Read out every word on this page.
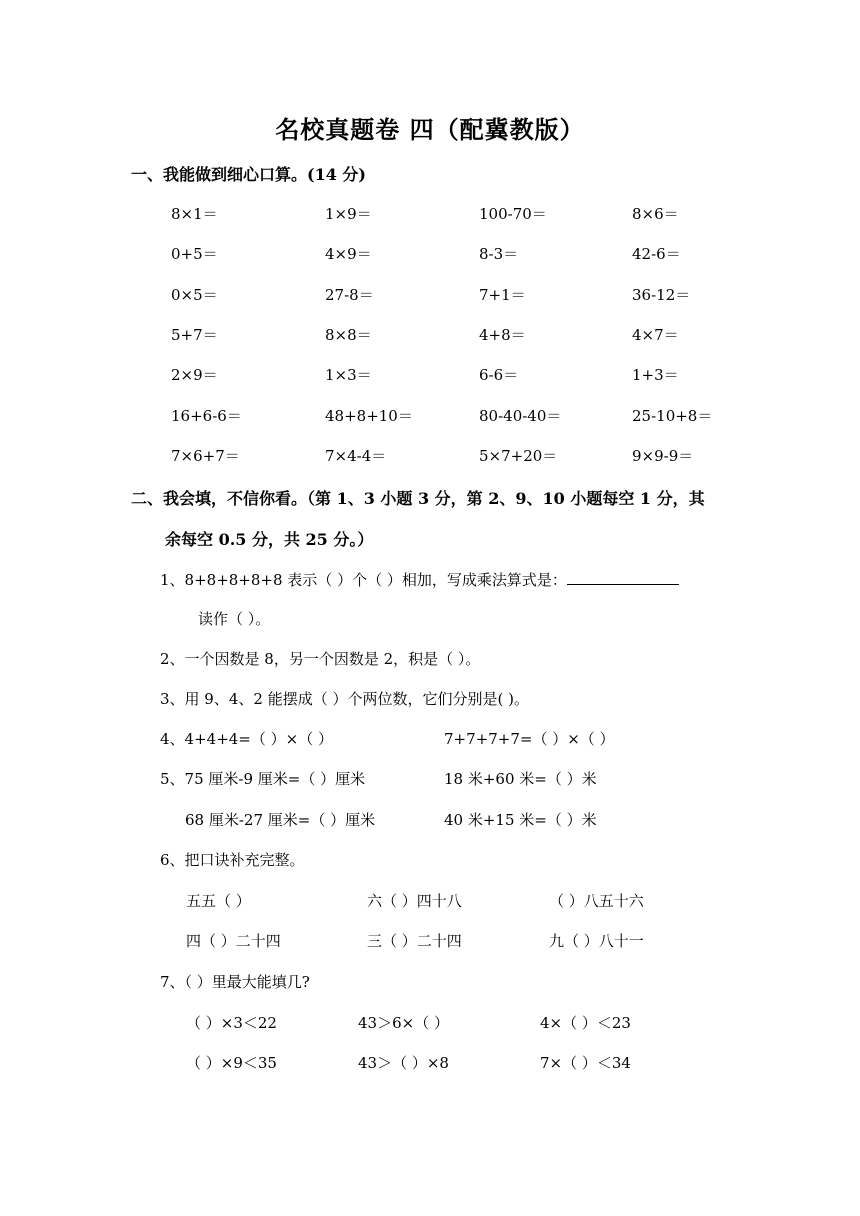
名校真题卷 四（配冀教版）
一、我能做到细心口算。(14 分)
8×1＝	1×9＝	100-70＝	8×6＝
0+5＝	4×9＝	8-3＝	42-6＝
0×5＝	27-8＝	7+1＝	36-12＝
5+7＝	8×8＝	4+8＝	4×7＝
2×9＝	1×3＝	6-6＝	1+3＝
16+6-6＝	48+8+10＝	80-40-40＝	25-10+8＝
7×6+7＝	7×4-4＝	5×7+20＝	9×9-9＝
二、我会填，不信你看。（第 1、3 小题 3 分，第 2、9、10 小题每空 1 分，其
余每空 0.5 分，共 25 分。）
1、8+8+8+8+8 表示（ ）个（ ）相加，写成乘法算式是：
读作（ ）。
2、一个因数是 8，另一个因数是 2，积是（ ）。
3、用 9、4、2 能摆成（ ）个两位数，它们分别是( )。
4、4+4+4=（ ）×（ ）	7+7+7+7=（ ）×（ ）
5、75 厘米-9 厘米=（ ）厘米	18 米+60 米=（ ）米
68 厘米-27 厘米=（ ）厘米	40 米+15 米=（ ）米
6、把口诀补充完整。
五五（ ）	六（ ）四十八	（ ）八五十六
四（ ）二十四	三（ ）二十四	九（ ）八十一
7、（ ）里最大能填几?
（ ）×3＜22	43＞6×（ ）	4×（ ）＜23
（ ）×9＜35	43＞（ ）×8	7×（ ）＜34
